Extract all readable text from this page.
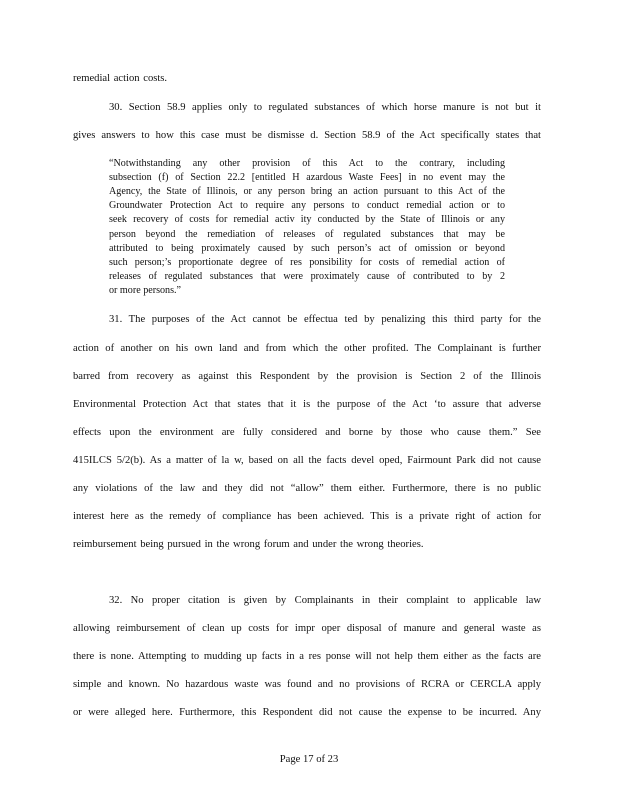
remedial action costs.
30. Section 58.9 applies only to regulated substances of which horse manure is not but it
gives answers to how this case must be dismisse d. Section 58.9 of the Act specifically states that
“Notwithstanding any other provision of this Act to the contrary, including
subsection (f) of Section 22.2 [entitled H azardous Waste Fees] in no event may the
Agency, the State of Illinois, or any person bring an action pursuant to this Act of the
Groundwater Protection Act to require any persons to conduct remedial action or to
seek recovery of costs for remedial activ ity conducted by the State of Illinois or any
person beyond the remediation of releases of regulated substances that may be
attributed to being proximately caused by such person’s act of omission or beyond
such person;’s proportionate degree of res ponsibility for costs of remedial action of
releases of regulated substances that were proximately cause of contributed to by 2
or more persons.”
31. The purposes of the Act cannot be effectua ted by penalizing this third party for the
action of another on his own land and from which the other profited. The Complainant is further
barred from recovery as against this Respondent by the provision is Section 2 of the Illinois
Environmental Protection Act that states that it is the purpose of the Act ‘to assure that adverse
effects upon the environment are fully considered and borne by those who cause them.” See
415ILCS 5/2(b). As a matter of la w, based on all the facts devel oped, Fairmount Park did not cause
any violations of the law and they did not “allow” them either. Furthermore, there is no public
interest here as the remedy of compliance has been achieved. This is a private right of action for
reimbursement being pursued in the wrong forum and under the wrong theories.
32. No proper citation is given by Complainants in their complaint to applicable law
allowing reimbursement of clean up costs for impr oper disposal of manure and general waste as
there is none. Attempting to mudding up facts in a res ponse will not help them either as the facts are
simple and known. No hazardous waste was found and no provisions of RCRA or CERCLA apply
or were alleged here. Furthermore, this Respondent did not cause the expense to be incurred. Any
Page 17 of 23
